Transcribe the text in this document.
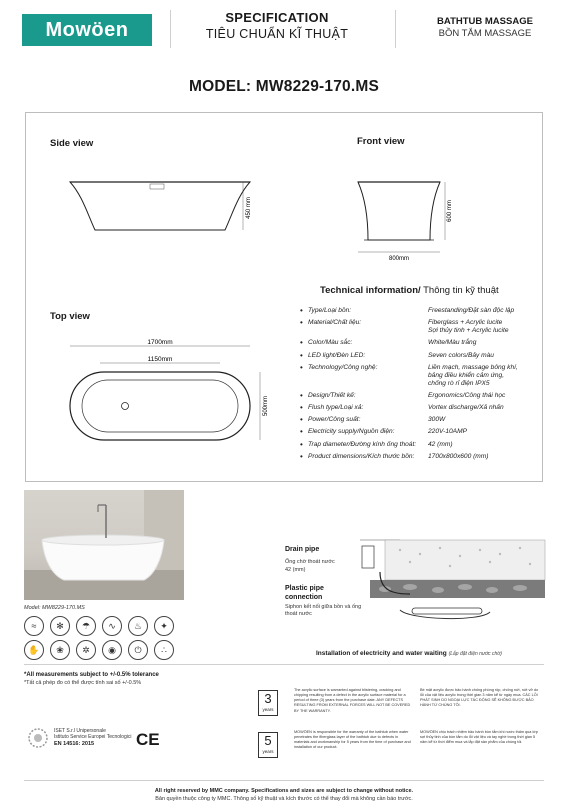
Mowöen
SPECIFICATION
TIÊU CHUẨN KĨ THUẬT
BATHTUB MASSAGE
BỒN TẮM MASSAGE
MODEL: MW8229-170.MS
Side view	Front view
Top view
450 mm	600 mm
800mm
1700mm
1150mm
500mm
Technical information/ Thông tin kỹ thuật
• Type/Loại bồn:	Freestanding/Đặt sàn độc lập
• Material/Chất liệu:	Fiberglass + Acrylic lucite
Sợi thủy tinh + Acrylic lucite
• Color/Màu sắc:	White/Màu trắng
• LED light/Đèn LED:	Seven colors/Bảy màu
• Technology/Công nghệ:	Liền mạch, massage bông khí,
bảng điều khiển cảm ứng,
chống rò rỉ điện IPX5
• Design/Thiết kế:	Ergonomics/Công thái học
• Flush type/Loại xả:	Vortex discharge/Xả nhấn
• Power/Công suất:	300W
• Electricity supply/Nguồn điện:	220V-10AMP
• Trap diameter/Đường kính ống thoát:	42 (mm)
• Product dimensions/Kích thước bồn:	1700x800x600 (mm)
Model: MW8229-170.MS
≈	✻	☂	∿	♨	✦
✋	❀	✲	◉	⏻	∴
Drain pipe
Ống chờ thoát nước
42 (mm)
Plastic pipe connection
Siphon kết nối giữa bồn và ống thoát nước
Installation of electricity and water waiting (Lắp đặt điện nước chờ)
*All measurements subject to +/-0.5% tolerance
*Tất cả phép đo có thể được tính sai số +/-0.5%
ISET S.r.l Unipersonale
Istituto Service Europei Tecnologici
EN 14516: 2015	CE
3
years
The acrylic surface is warranted against blistering, cracking and chipping resulting from a defect in the acrylic surface material for a period of three (3) years from the purchase date. ANY DEFECTS RESULTING FROM EXTERNAL FORCES WILL NOT BE COVERED BY THE WARRANTY.
Bề mặt acrylic được bảo hành chống phồng rộp, chống nứt, nứt vỡ do lỗi của vật liệu acrylic trong thời gian 3 năm kể từ ngày mua. CÁC LỖI PHÁT SINH DO NGOẠI LỰC TÁC ĐỘNG SẼ KHÔNG ĐƯỢC BẢO HÀNH TỪ CHÚNG TÔI.
5
years
MOWÖEN is responsible for the warranty of the bathtub when water penetrates the fiberglass layer of the bathtub due to defects in materials and workmanship for 5 years from the time of purchase and installation of our product.
MOWÖEN chịu trách nhiệm bảo hành bồn tắm khi nước thấm qua lớp sợi thủy tinh của bồn tắm do lỗi vật liệu và tay nghề trong thời gian 5 năm kể từ thời điểm mua và lắp đặt sản phẩm của chúng tôi.
All right reserved by MMC company. Specifications and sizes are subject to change without notice.
Bản quyền thuộc công ty MMC. Thông số kỹ thuật và kích thước có thể thay đổi mà không cần báo trước.
